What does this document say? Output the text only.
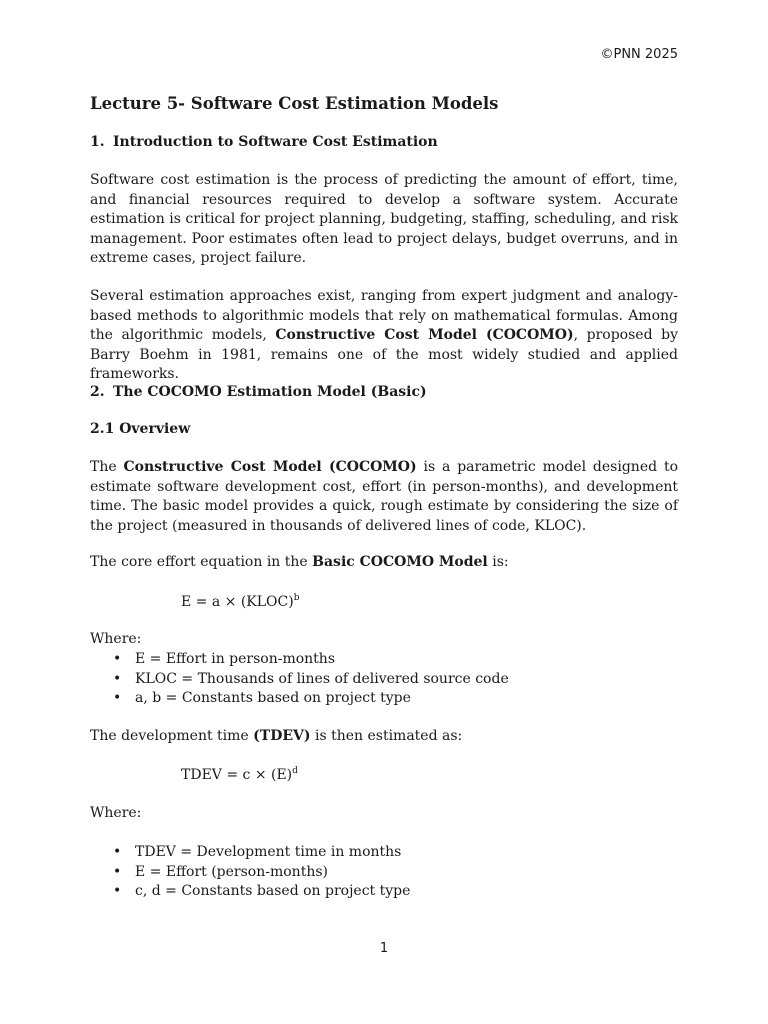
©PNN 2025
Lecture 5- Software Cost Estimation Models
1. Introduction to Software Cost Estimation

Software cost estimation is the process of predicting the amount of effort, time, and financial resources required to develop a software system. Accurate estimation is critical for project planning, budgeting, staffing, scheduling, and risk management. Poor estimates often lead to project delays, budget overruns, and in extreme cases, project failure.

Several estimation approaches exist, ranging from expert judgment and analogy-based methods to algorithmic models that rely on mathematical formulas. Among the algorithmic models, Constructive Cost Model (COCOMO), proposed by Barry Boehm in 1981, remains one of the most widely studied and applied frameworks.

2. The COCOMO Estimation Model (Basic)
2.1 Overview

The Constructive Cost Model (COCOMO) is a parametric model designed to estimate software development cost, effort (in person-months), and development time. The basic model provides a quick, rough estimate by considering the size of the project (measured in thousands of delivered lines of code, KLOC).

The core effort equation in the Basic COCOMO Model is:

E = a × (KLOC)$^b$

Where:

• E = Effort in person-months
• KLOC = Thousands of lines of delivered source code
• a, b = Constants based on project type

The development time (TDEV) is then estimated as:

TDEV = $c \times (E)^d$

Where:

• TDEV = Development time in months
• E = Effort (person-months)
• c, d = Constants based on project type
1
